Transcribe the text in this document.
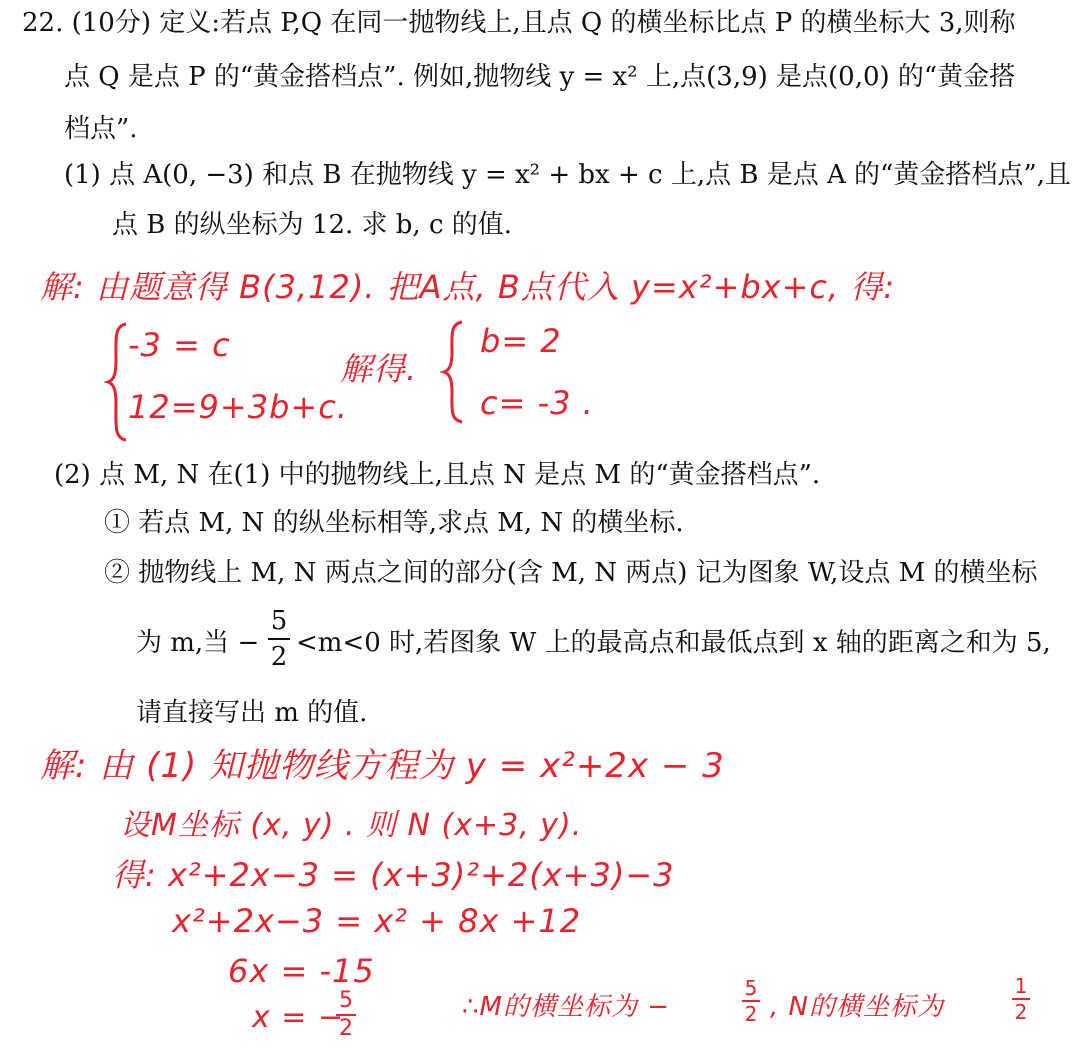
22. (10分) 定义:若点 P,Q 在同一抛物线上,且点 Q 的横坐标比点 P 的横坐标大 3,则称
点 Q 是点 P 的“黄金搭档点”. 例如,抛物线 y = x² 上,点(3,9) 是点(0,0) 的“黄金搭
档点”.
(1) 点 A(0, −3) 和点 B 在抛物线 y = x² + bx + c 上,点 B 是点 A 的“黄金搭档点”,且
点 B 的纵坐标为 12. 求 b, c 的值.
解: 由题意得 B(3,12). 把A点, B点代入 y=x²+bx+c, 得:
-3 = c
12=9+3b+c.
解得.
b= 2
c= -3 .
(2) 点 M, N 在(1) 中的抛物线上,且点 N 是点 M 的“黄金搭档点”.
① 若点 M, N 的纵坐标相等,求点 M, N 的横坐标.
② 抛物线上 M, N 两点之间的部分(含 M, N 两点) 记为图象 W,设点 M 的横坐标
为 m,当 −
5
2 <m<0 时,若图象 W 上的最高点和最低点到 x 轴的距离之和为 5,
请直接写出 m 的值.
解: 由 (1) 知抛物线方程为 y = x²+2x − 3
设M坐标 (x, y) . 则 N (x+3, y).
得: x²+2x−3 = (x+3)²+2(x+3)−3
x²+2x−3 = x² + 8x +12
6x = -15
x = −
5
2
∴M的横坐标为 −
5
2 , N的横坐标为
1
2
